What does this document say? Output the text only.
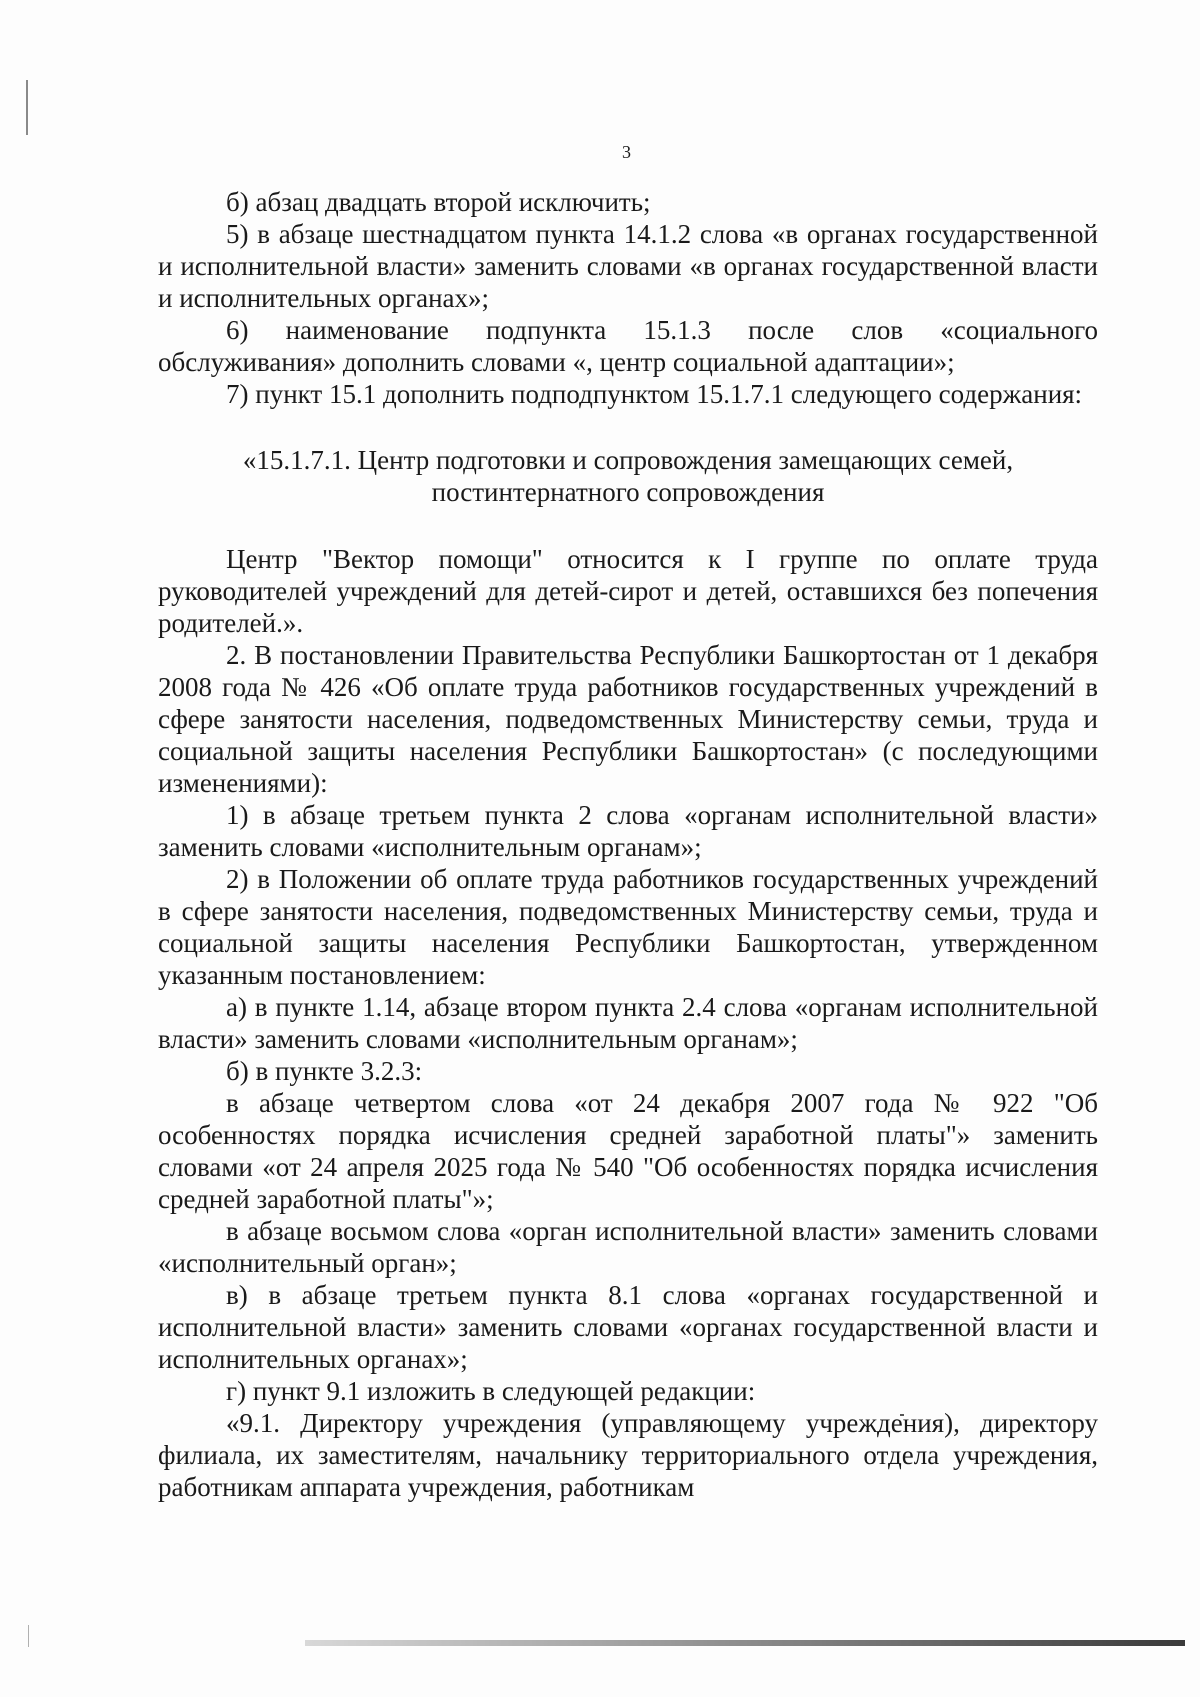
3

б) абзац двадцать второй исключить;

5) в абзаце шестнадцатом пункта 14.1.2 слова «в органах государственной и исполнительной власти» заменить словами «в органах государственной власти и исполнительных органах»;

6) наименование подпункта 15.1.3 после слов «социального обслуживания» дополнить словами «, центр социальной адаптации»;

7) пункт 15.1 дополнить подподпунктом 15.1.7.1 следующего содержания:

«15.1.7.1. Центр подготовки и сопровождения замещающих семей, постинтернатного сопровождения

Центр "Вектор помощи" относится к I группе по оплате труда руководителей учреждений для детей-сирот и детей, оставшихся без попечения родителей.».

2. В постановлении Правительства Республики Башкортостан от 1 декабря 2008 года № 426 «Об оплате труда работников государственных учреждений в сфере занятости населения, подведомственных Министерству семьи, труда и социальной защиты населения Республики Башкортостан» (с последующими изменениями):

1) в абзаце третьем пункта 2 слова «органам исполнительной власти» заменить словами «исполнительным органам»;

2) в Положении об оплате труда работников государственных учреждений в сфере занятости населения, подведомственных Министерству семьи, труда и социальной защиты населения Республики Башкортостан, утвержденном указанным постановлением:

а) в пункте 1.14, абзаце втором пункта 2.4 слова «органам исполнительной власти» заменить словами «исполнительным органам»;

б) в пункте 3.2.3:

в абзаце четвертом слова «от 24 декабря 2007 года № 922 "Об особенностях порядка исчисления средней заработной платы"» заменить словами «от 24 апреля 2025 года № 540 "Об особенностях порядка исчисления средней заработной платы"»;

в абзаце восьмом слова «орган исполнительной власти» заменить словами «исполнительный орган»;

в) в абзаце третьем пункта 8.1 слова «органах государственной и исполнительной власти» заменить словами «органах государственной власти и исполнительных органах»;

г) пункт 9.1 изложить в следующей редакции:

«9.1. Директору учреждения (управляющему учреждения), директору филиала, их заместителям, начальнику территориального отдела учреждения, работникам аппарата учреждения, работникам
